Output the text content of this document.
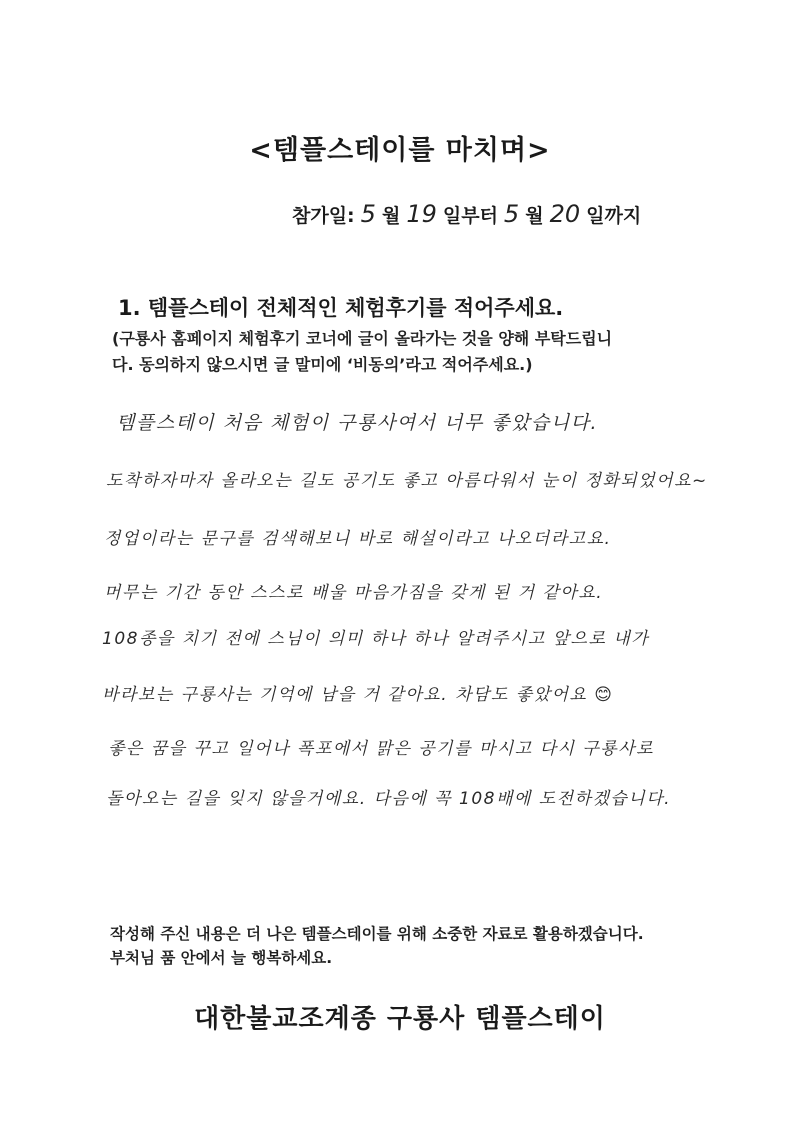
<템플스테이를 마치며>
참가일: 5 월 19 일부터 5 월 20 일까지
1. 템플스테이 전체적인 체험후기를 적어주세요.
(구룡사 홈페이지 체험후기 코너에 글이 올라가는 것을 양해 부탁드립니
다. 동의하지 않으시면 글 말미에 ‘비동의’라고 적어주세요.)
템플스테이 처음 체험이 구룡사여서 너무 좋았습니다.
도착하자마자 올라오는 길도 공기도 좋고 아름다워서 눈이 정화되었어요~
정업이라는 문구를 검색해보니 바로 해설이라고 나오더라고요.
머무는 기간 동안 스스로 배울 마음가짐을 갖게 된 거 같아요.
108종을 치기 전에 스님이 의미 하나 하나 알려주시고 앞으로 내가
바라보는 구룡사는 기억에 남을 거 같아요. 차담도 좋았어요 😊
좋은 꿈을 꾸고 일어나 폭포에서 맑은 공기를 마시고 다시 구룡사로
돌아오는 길을 잊지 않을거에요. 다음에 꼭 108배에 도전하겠습니다.
작성해 주신 내용은 더 나은 템플스테이를 위해 소중한 자료로 활용하겠습니다.
부처님 품 안에서 늘 행복하세요.
대한불교조계종 구룡사 템플스테이
